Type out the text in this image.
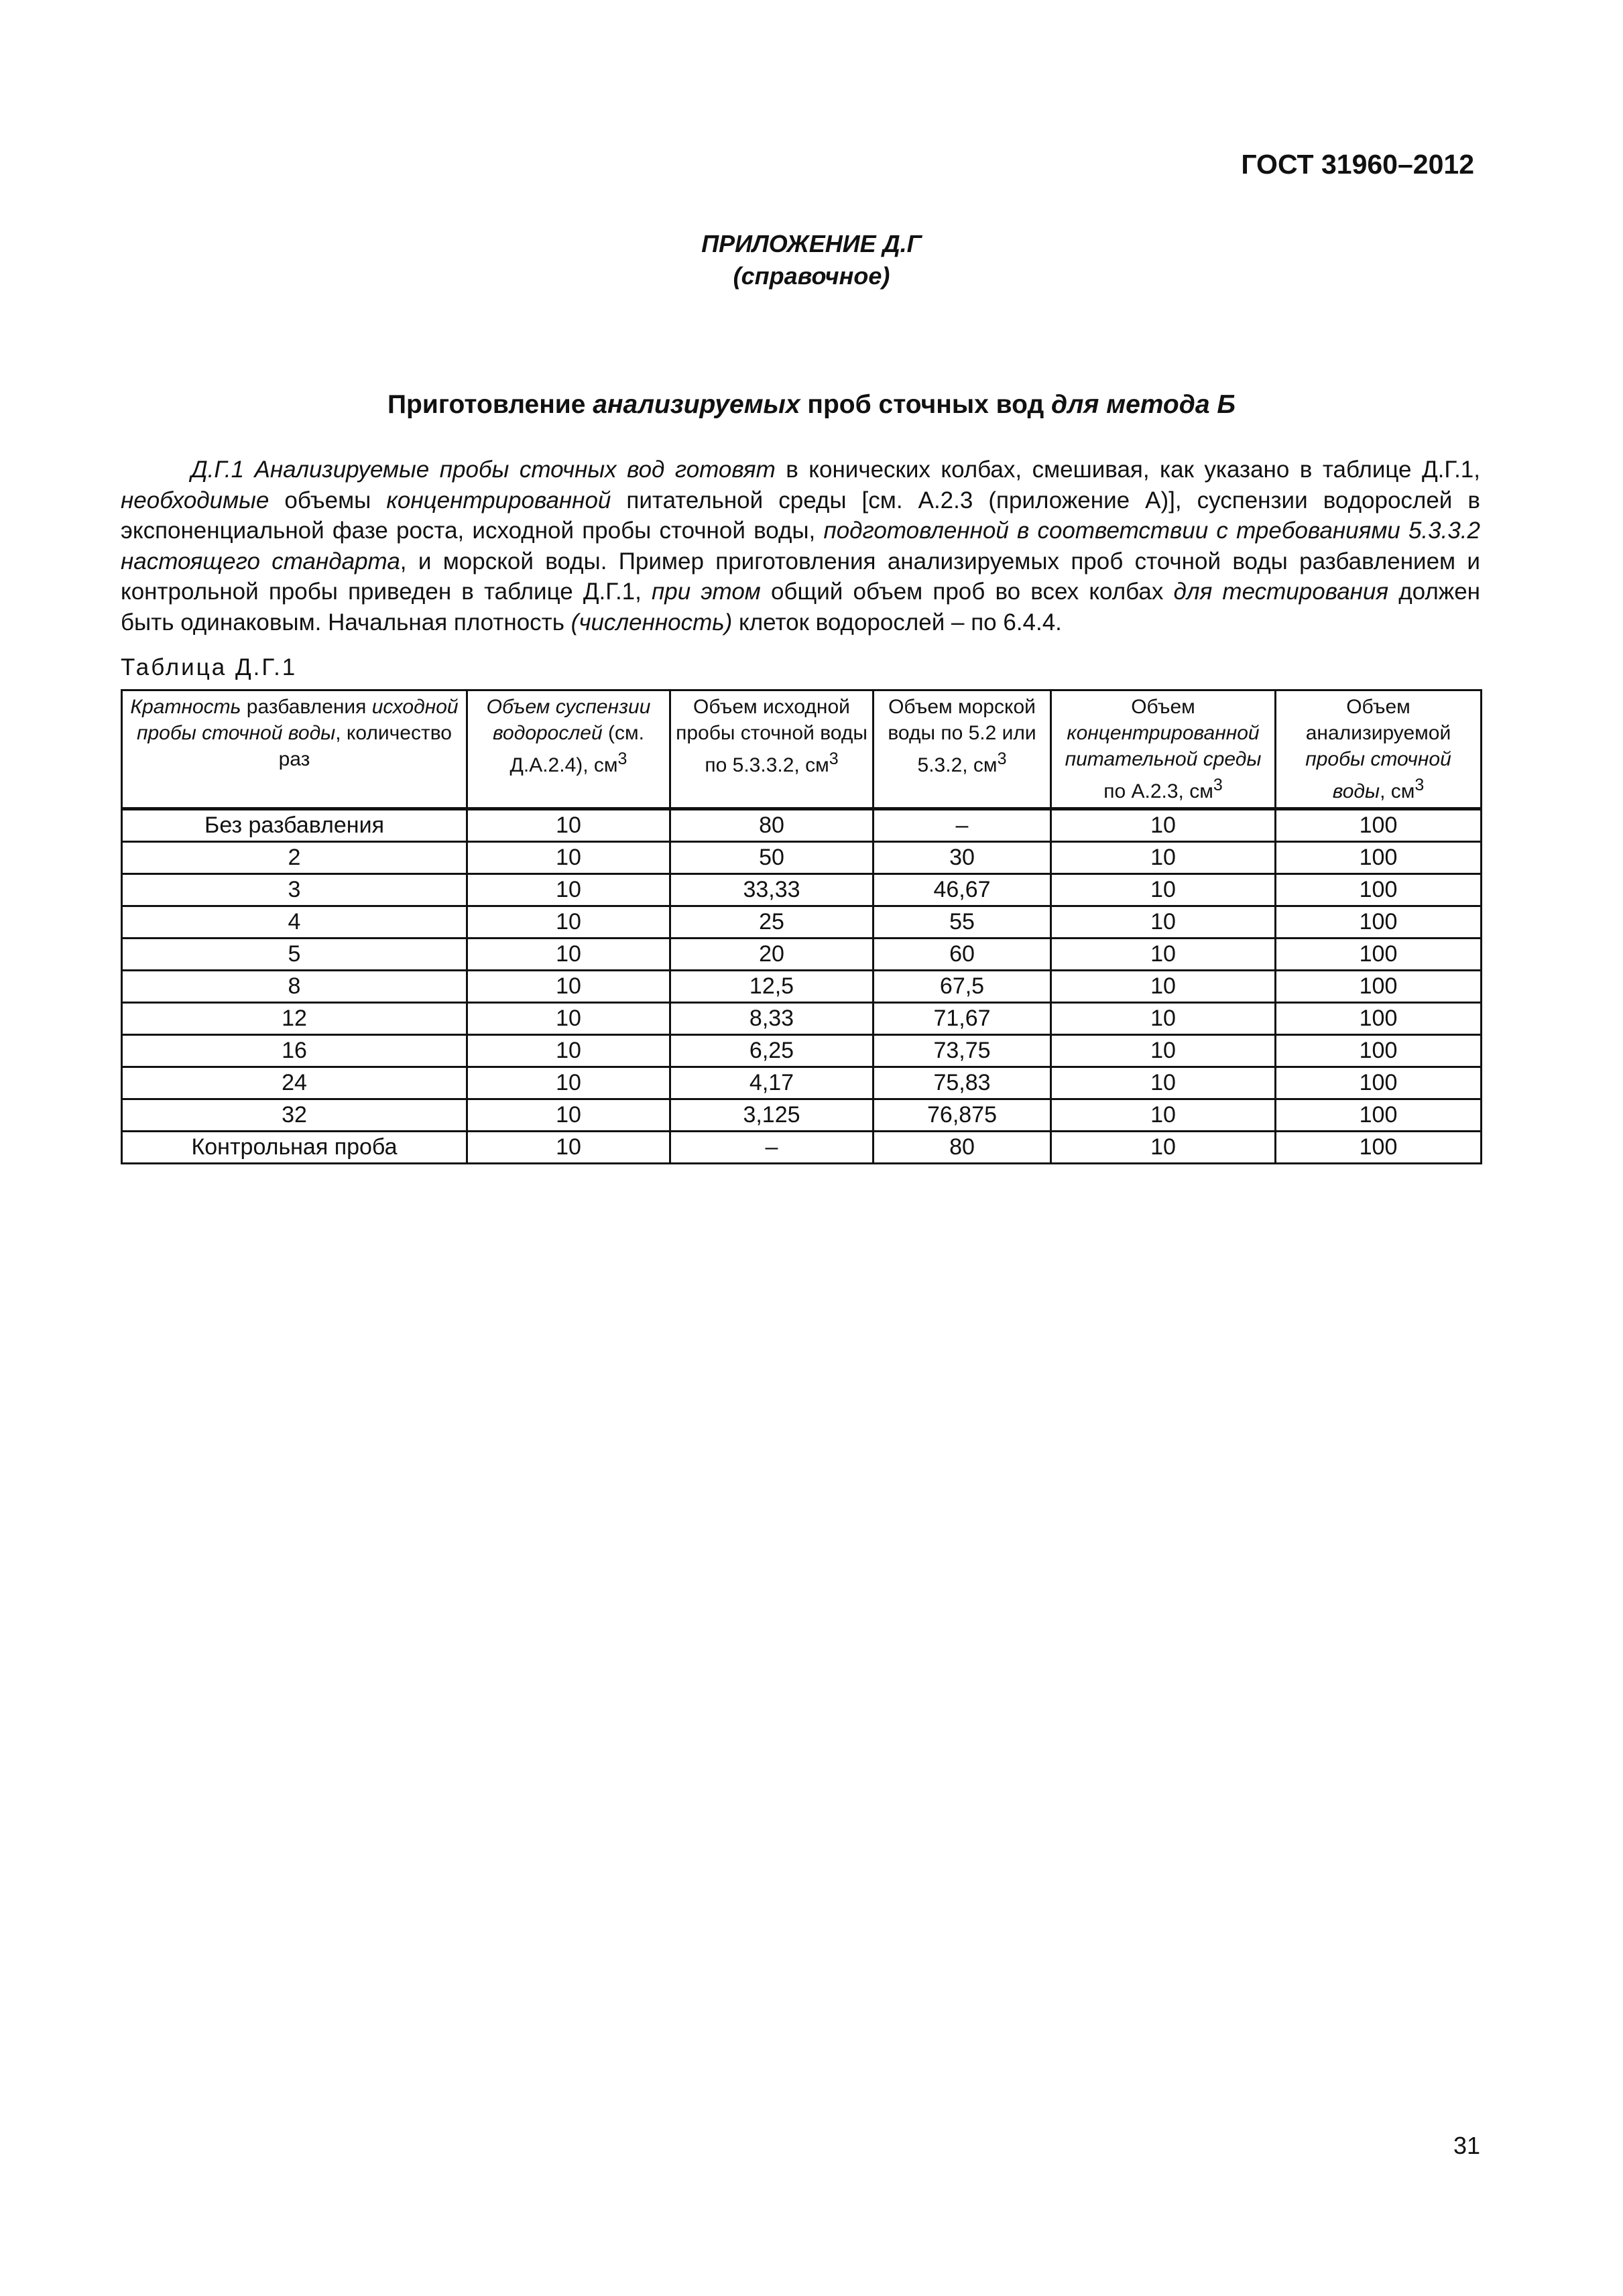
ГОСТ 31960–2012
ПРИЛОЖЕНИЕ Д.Г
(справочное)
Приготовление анализируемых проб сточных вод для метода Б

Д.Г.1 Анализируемые пробы сточных вод готовят в конических колбах, смешивая, как указано в таблице Д.Г.1, необходимые объемы концентрированной питательной среды [см. А.2.3 (приложение А)], суспензии водорослей в экспоненциальной фазе роста, исходной пробы сточной воды, подготовленной в соответствии с требованиями 5.3.3.2 настоящего стандарта, и морской воды. Пример приготовления анализируемых проб сточной воды разбавлением и контрольной пробы приведен в таблице Д.Г.1, при этом общий объем проб во всех колбах для тестирования должен быть одинаковым. Начальная плотность (численность) клеток водорослей – по 6.4.4.

Таблица Д.Г.1
Кратность разбавления исходной пробы сточной воды, количество раз	Объем суспензии водорослей (см. Д.А.2.4), $см^3$	Объем исходной пробы сточной воды по 5.3.3.2, $см^3$	Объем морской воды по 5.2 или 5.3.2, $см^3$	Объем концентрированной питательной среды по А.2.3, $см^3$	Объем анализируемой пробы сточной воды, $см^3$
Без разбавления	10	80	–	10	100
2	10	50	30	10	100
3	10	33,33	46,67	10	100
4	10	25	55	10	100
5	10	20	60	10	100
8	10	12,5	67,5	10	100
12	10	8,33	71,67	10	100
16	10	6,25	73,75	10	100
24	10	4,17	75,83	10	100
32	10	3,125	76,875	10	100
Контрольная проба	10	–	80	10	100
31
